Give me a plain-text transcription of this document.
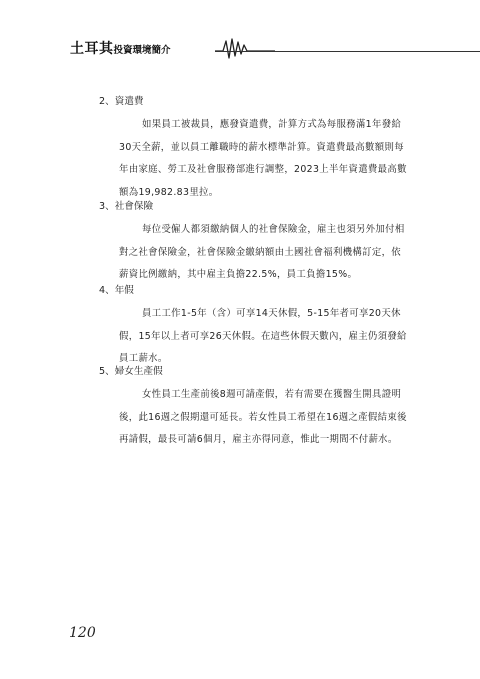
土耳其投資環境簡介
2、資遣費
如果員工被裁員，應發資遣費，計算方式為每服務滿1年發給30天全薪，並以員工離職時的薪水標準計算。資遣費最高數額則每年由家庭、勞工及社會服務部進行調整，2023上半年資遣費最高數額為19,982.83里拉。
3、社會保險
每位受僱人都須繳納個人的社會保險金，雇主也須另外加付相對之社會保險金，社會保險金繳納額由土國社會福利機構訂定，依薪資比例繳納，其中雇主負擔22.5%，員工負擔15%。
4、年假
員工工作1-5年（含）可享14天休假，5-15年者可享20天休假，15年以上者可享26天休假。在這些休假天數內，雇主仍須發給員工薪水。
5、婦女生產假
女性員工生產前後8週可請產假，若有需要在獲醫生開具證明後，此16週之假期還可延長。若女性員工希望在16週之產假結束後再請假，最長可請6個月，雇主亦得同意，惟此一期間不付薪水。
120
